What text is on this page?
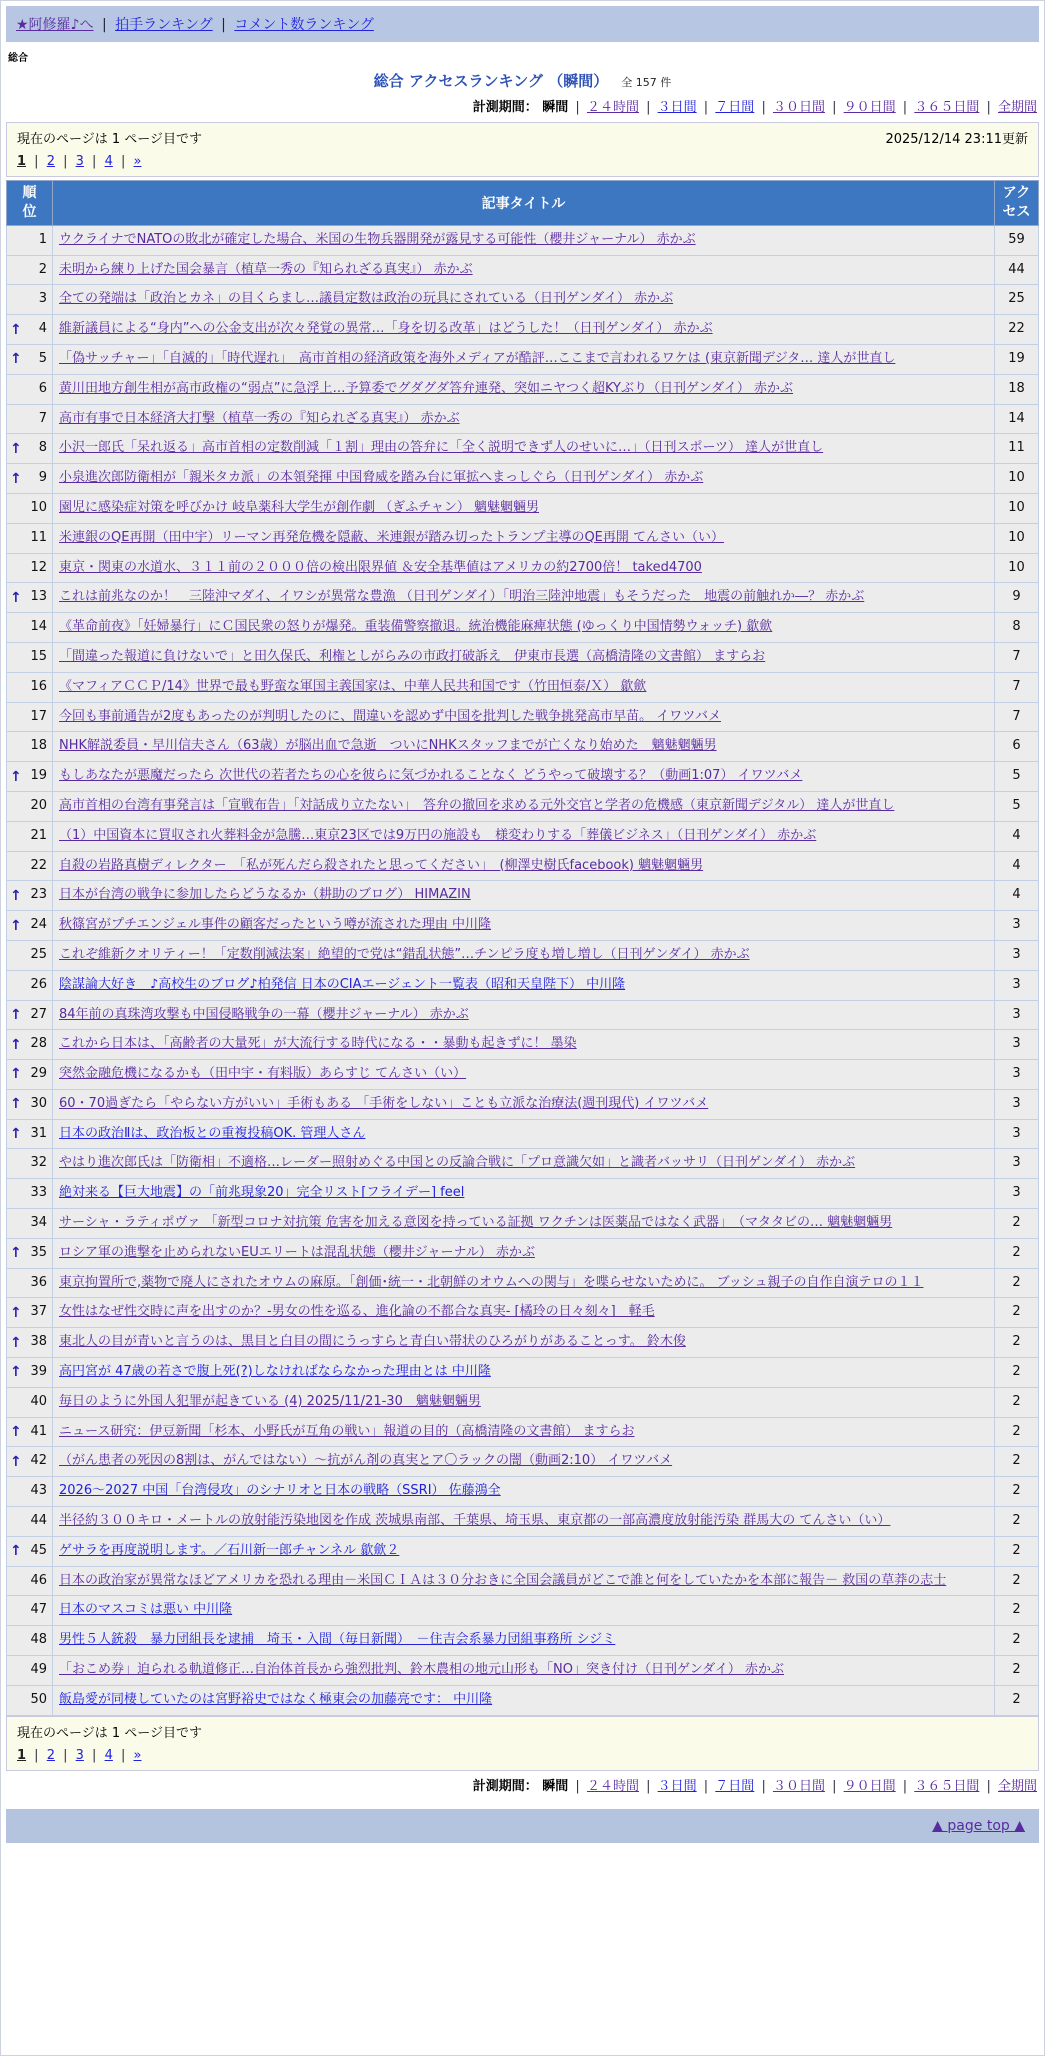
★阿修羅♪へ | 拍手ランキング | コメント数ランキング
総合
総合 アクセスランキング （瞬間） 全 157 件
計測期間： 瞬間 | ２４時間 | ３日間 | ７日間 | ３０日間 | ９０日間 | ３６５日間 | 全期間
現在のページは 1 ページ目です	2025/12/14 23:11更新
1 | 2 | 3 | 4 | »
順位	記事タイトル	アクセス
1	ウクライナでNATOの敗北が確定した場合、米国の生物兵器開発が露見する可能性（櫻井ジャーナル） 赤かぶ	59
2	未明から練り上げた国会暴言（植草一秀の『知られざる真実』） 赤かぶ	44
3	全ての発端は「政治とカネ」の目くらまし…議員定数は政治の玩具にされている（日刊ゲンダイ） 赤かぶ	25

↑ 4	維新議員による“身内”への公金支出が次々発覚の異常…「身を切る改革」はどうした！（日刊ゲンダイ） 赤かぶ	22

↑ 5	「偽サッチャー」「自滅的」「時代遅れ」　高市首相の経済政策を海外メディアが酷評…ここまで言われるワケは (東京新聞デジタ… 達人が世直し	19
6	黄川田地方創生相が高市政権の“弱点”に急浮上…予算委でグダグダ答弁連発、突如ニヤつく超KYぶり（日刊ゲンダイ） 赤かぶ	18
7	高市有事で日本経済大打撃（植草一秀の『知られざる真実』） 赤かぶ	14

↑ 8	小沢一郎氏「呆れ返る」高市首相の定数削減「１割」理由の答弁に「全く説明できず人のせいに…」（日刊スポーツ） 達人が世直し	11

↑ 9	小泉進次郎防衛相が「親米タカ派」の本領発揮 中国脅威を踏み台に軍拡へまっしぐら（日刊ゲンダイ） 赤かぶ	10
10	園児に感染症対策を呼びかけ 岐阜薬科大学生が創作劇 （ぎふチャン） 魑魅魍魎男	10
11	米連銀のQE再開（田中宇）リーマン再発危機を隠蔽、米連銀が踏み切ったトランプ主導のQE再開 てんさい（い）	10
12	東京・関東の水道水、３１１前の２０００倍の検出限界値 ＆安全基準値はアメリカの約2700倍！ taked4700	10

↑ 13	これは前兆なのか！　三陸沖マダイ、イワシが異常な豊漁 （日刊ゲンダイ）「明治三陸沖地震」もそうだった　地震の前触れか―？ 赤かぶ	9
14	《革命前夜》「妊婦暴行」にＣ国民衆の怒りが爆発。重装備警察撤退。統治機能麻痺状態 (ゆっくり中国情勢ウォッチ) 歙歛	8
15	「間違った報道に負けないで」と田久保氏、利権としがらみの市政打破訴え　伊東市長選（高橋清隆の文書館） ますらお	7
16	《マフィアＣＣＰ/14》世界で最も野蛮な軍国主義国家は、中華人民共和国です（竹田恒泰/Ｘ） 歙歛	7
17	今回も事前通告が2度もあったのが判明したのに、間違いを認めず中国を批判した戦争挑発高市早苗。 イワツバメ	7
18	NHK解説委員・早川信夫さん（63歳）が脳出血で急逝　ついにNHKスタッフまでが亡くなり始めた　魑魅魍魎男	6

↑ 19	もしあなたが悪魔だったら 次世代の若者たちの心を彼らに気づかれることなく どうやって破壊する？（動画1:07） イワツバメ	5
20	高市首相の台湾有事発言は「宣戦布告」「対話成り立たない」　答弁の撤回を求める元外交官と学者の危機感（東京新聞デジタル） 達人が世直し	5
21	（1）中国資本に買収され火葬料金が急騰…東京23区では9万円の施設も　様変わりする「葬儀ビジネス」（日刊ゲンダイ） 赤かぶ	4
22	自殺の岩路真樹ディレクター　「私が死んだら殺されたと思ってください」　(柳澤史樹氏facebook) 魑魅魍魎男	4

↑ 23	日本が台湾の戦争に参加したらどうなるか（耕助のブログ） HIMAZIN	4

↑ 24	秋篠宮がプチエンジェル事件の顧客だったという噂が流された理由 中川隆	3
25	これぞ維新クオリティー！「定数削減法案」絶望的で党は“錯乱状態”…チンピラ度も増し増し（日刊ゲンダイ） 赤かぶ	3
26	陰謀論大好き＿♪高校生のブログ♪柏発信 日本のCIAエージェント一覧表（昭和天皇陛下） 中川隆	3

↑ 27	84年前の真珠湾攻撃も中国侵略戦争の一幕（櫻井ジャーナル） 赤かぶ	3

↑ 28	これから日本は、「高齢者の大量死」が大流行する時代になる・・暴動も起きずに！ 墨染	3

↑ 29	突然金融危機になるかも（田中宇・有料版）あらすじ てんさい（い）	3

↑ 30	60・70過ぎたら「やらない方がいい」手術もある 「手術をしない」ことも立派な治療法(週刊現代) イワツバメ	3

↑ 31	日本の政治Ⅱは、政治板との重複投稿OK. 管理人さん	3
32	やはり進次郎氏は「防衛相」不適格…レーダー照射めぐる中国との反論合戦に「プロ意識欠如」と識者バッサリ（日刊ゲンダイ） 赤かぶ	3
33	絶対来る【巨大地震】の「前兆現象20」完全リスト[フライデー] feel	3
34	サーシャ・ラティポヴァ 「新型コロナ対抗策 危害を加える意図を持っている証拠 ワクチンは医薬品ではなく武器」　（マタタビの… 魑魅魍魎男	2

↑ 35	ロシア軍の進撃を止められないEUエリートは混乱状態（櫻井ジャーナル） 赤かぶ	2
36	東京拘置所で,薬物で廃人にされたオウムの麻原。「創価･統一・北朝鮮のオウムへの関与」を喋らせないために。 ブッシュ親子の自作自演テロの１１	2

↑ 37	女性はなぜ性交時に声を出すのか？-男女の性を巡る、進化論の不都合な真実- [橘玲の日々刻々]　軽毛	2

↑ 38	東北人の目が青いと言うのは、黒目と白目の間にうっすらと青白い帯状のひろがりがあることっす。 鈴木俊	2

↑ 39	高円宮が 47歳の若さで腹上死(?)しなければならなかった理由とは 中川隆	2
40	毎日のように外国人犯罪が起きている (4) 2025/11/21-30　魑魅魍魎男	2

↑ 41	ニュース研究：伊豆新聞「杉本、小野氏が互角の戦い」報道の目的（高橋清隆の文書館） ますらお	2

↑ 42	（がん患者の死因の8割は、がんではない）～抗がん剤の真実とア〇ラックの闇（動画2:10） イワツバメ	2
43	2026～2027 中国「台湾侵攻」のシナリオと日本の戦略（SSRI） 佐藤鴻全	2
44	半径約３００キロ・メートルの放射能汚染地図を作成 茨城県南部、千葉県、埼玉県、東京都の一部高濃度放射能汚染 群馬大の てんさい（い）	2

↑ 45	ゲサラを再度説明します。／石川新一郎チャンネル 歙歛２	2
46	日本の政治家が異常なほどアメリカを恐れる理由－米国ＣＩＡは３０分おきに全国会議員がどこで誰と何をしていたかを本部に報告－ 救国の草莽の志士	2
47	日本のマスコミは悪い 中川隆	2
48	男性５人銃殺　暴力団組長を逮捕　埼玉・入間（毎日新聞）　－住吉会系暴力団組事務所 シジミ	2
49	「おこめ券」迫られる軌道修正…自治体首長から強烈批判、鈴木農相の地元山形も「NO」突き付け（日刊ゲンダイ） 赤かぶ	2
50	飯島愛が同棲していたのは宮野裕史ではなく極東会の加藤亮です： 中川隆	2
現在のページは 1 ページ目です
1 | 2 | 3 | 4 | »
計測期間： 瞬間 | ２４時間 | ３日間 | ７日間 | ３０日間 | ９０日間 | ３６５日間 | 全期間
▲ page top ▲
